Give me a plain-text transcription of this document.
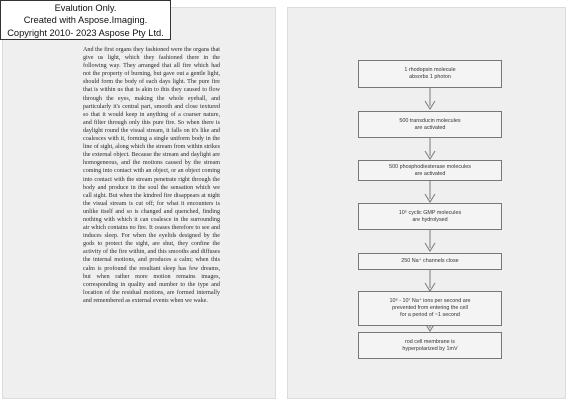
And the first organs they fashioned were the organs that give us light, which they fashioned there in the following way. They arranged that all fire which had not the property of burning, but gave out a gentle light, should form the body of each days light. The pure fire that is within us that is akin to this they caused to flow through the eyes, making the whole eyeball, and particularly it's central part, smooth and close textured so that it would keep in anything of a coarser nature, and filter through only this pure fire. So when there is daylight round the visual stream, it falls on it's like and coalesces with it, forming a single uniform body in the line of sight, along which the stream from within strikes the external object. Because the stream and daylight are homogeneous, and the motions caused by the stream coming into contact with an object, or an object coming into contact with the stream penetrate right through the body and produce in the soul the sensation which we call sight. But when the kindred fire disappears at night the visual stream is cut off; for what it encounters is unlike itself and so is changed and quenched, finding nothing with which it can coalesce in the surrounding air which contains no fire. It ceases therefore to see and induces sleep. For when the eyelids designed by the gods to protect the sight, are shut, they confine the activity of the fire within, and this smooths and diffuses the internal motions, and produces a calm; when this calm is profound the resultant sleep has few dreams, but when rather more motion remains images, corresponding in quality and number to the type and location of the residual motions, are formed internally and remembered as external events when we wake.

Evalution Only.
Created with Aspose.Imaging.
Copyright 2010- 2023 Aspose Pty Ltd.
1 rhodopsin molecule
absorbs 1 photon
500 transducin molecules
are activated
500 phosphodiesterase molecules
are activated
10⁵ cyclic GMP molecules
are hydrolysed
250 Na⁺ channels close
10⁶ - 10⁷ Na⁺ ions per second are
prevented from entering the cell
for a period of ~1 second
rod cell membrane is
hyperpolarized by 1mV
